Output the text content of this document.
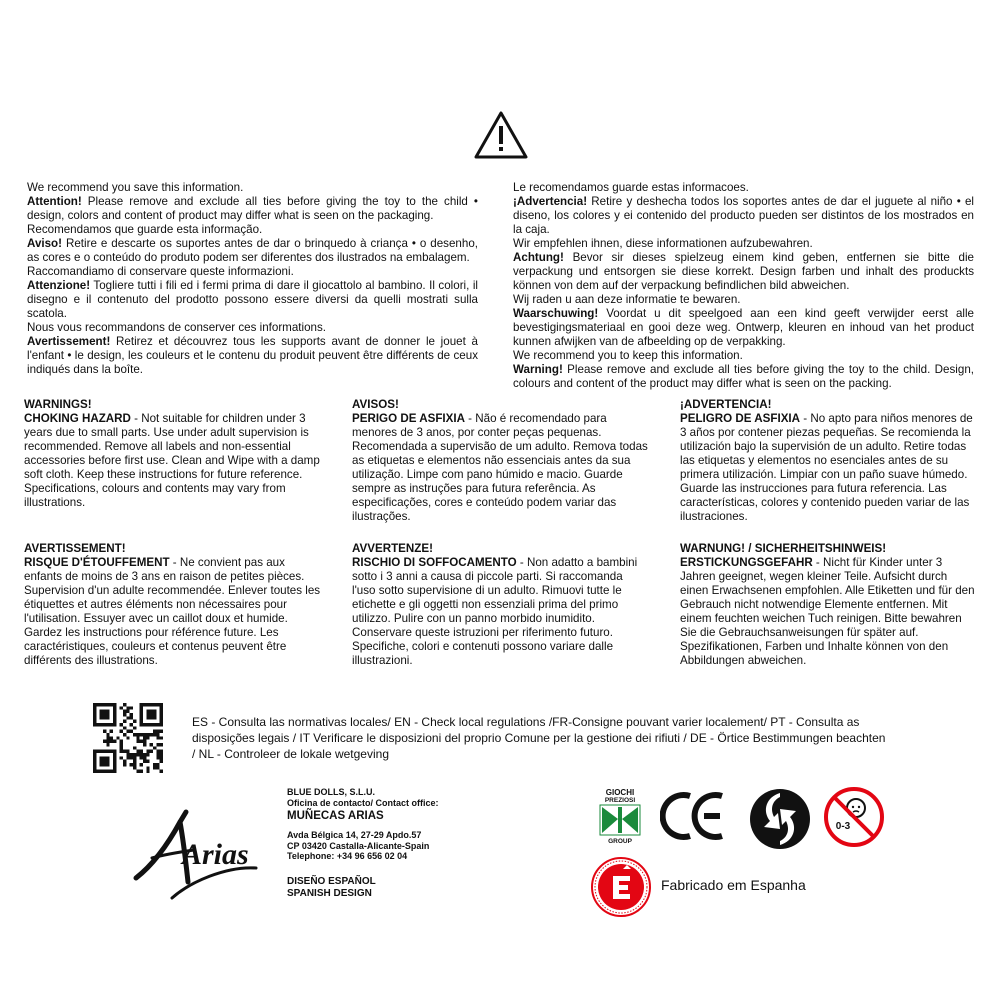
We recommend you save this information.

Attention! Please remove and exclude all ties before giving the toy to the child • design, colors and content of product may differ what is seen on the packaging.

Recomendamos que guarde esta informação.

Aviso! Retire e descarte os suportes antes de dar o brinquedo à criança • o desenho, as cores e o conteúdo do produto podem ser diferentes dos ilustrados na embalagem.

Raccomandiamo di conservare queste informazioni.

Attenzione! Togliere tutti i fili ed i fermi prima di dare il giocattolo al bambino. Il colori, il disegno e il contenuto del prodotto possono essere diversi da quelli mostrati sulla scatola.

Nous vous recommandons de conserver ces informations.

Avertissement! Retirez et découvrez tous les supports avant de donner le jouet à l'enfant • le design, les couleurs et le contenu du produit peuvent être différents de ceux indiqués dans la boîte.

Le recomendamos guarde estas informacoes.

¡Advertencia! Retire y deshecha todos los soportes antes de dar el juguete al niño • el diseno, los colores y ei contenido del producto pueden ser distintos de los mostrados en la caja.

Wir empfehlen ihnen, diese informationen aufzubewahren.

Achtung! Bevor sir dieses spielzeug einem kind geben, entfernen sie bitte die verpackung und entsorgen sie diese korrekt. Design farben und inhalt des produckts können von dem auf der verpackung befindlichen bild abweichen.

Wij raden u aan deze informatie te bewaren.

Waarschuwing! Voordat u dit speelgoed aan een kind geeft verwijder eerst alle bevestigingsmateriaal en gooi deze weg. Ontwerp, kleuren en inhoud van het product kunnen afwijken van de afbeelding op de verpakking.

We recommend you to keep this information.

Warning! Please remove and exclude all ties before giving the toy to the child. Design, colours and content of the product may differ what is seen on the packing.

WARNINGS!
CHOKING HAZARD - Not suitable for children under 3 years due to small parts. Use under adult supervision is recommended. Remove all labels and non-essential accessories before first use. Clean and Wipe with a damp soft cloth. Keep these instructions for future reference. Specifications, colours and contents may vary from illustrations.
AVISOS!
PERIGO DE ASFIXIA - Não é recomendado para menores de 3 anos, por conter peças pequenas. Recomendada a supervisão de um adulto. Remova todas as etiquetas e elementos não essenciais antes da sua utilização. Limpe com pano húmido e macio. Guarde sempre as instruções para futura referência. As especificações, cores e conteúdo podem variar das ilustrações.
¡ADVERTENCIA!
PELIGRO DE ASFIXIA - No apto para niños menores de 3 años por contener piezas pequeñas. Se recomienda la utilización bajo la supervisión de un adulto. Retire todas las etiquetas y elementos no esenciales antes de su primera utilización. Limpiar con un paño suave húmedo. Guarde las instrucciones para futura referencia. Las características, colores y contenido pueden variar de las ilustraciones.
AVERTISSEMENT!
RISQUE D'ÉTOUFFEMENT - Ne convient pas aux enfants de moins de 3 ans en raison de petites pièces. Supervision d'un adulte recommendée. Enlever toutes les étiquettes et autres éléments non nécessaires pour l'utilisation. Essuyer avec un caillot doux et humide. Gardez les instructions pour référence future. Les caractéristiques, couleurs et contenus peuvent être différents des illustrations.
AVVERTENZE!
RISCHIO DI SOFFOCAMENTO - Non adatto a bambini sotto i 3 anni a causa di piccole parti. Si raccomanda l'uso sotto supervisione di un adulto. Rimuovi tutte le etichette e gli oggetti non essenziali prima del primo utilizzo. Pulire con un panno morbido inumidito. Conservare queste istruzioni per riferimento futuro. Specifiche, colori e contenuti possono variare dalle illustrazioni.
WARNUNG! / SICHERHEITSHINWEIS!
ERSTICKUNGSGEFAHR - Nicht für Kinder unter 3 Jahren geeignet, wegen kleiner Teile. Aufsicht durch einen Erwachsenen empfohlen. Alle Etiketten und für den Gebrauch nicht notwendige Elemente entfernen. Mit einem feuchten weichen Tuch reinigen. Bitte bewahren Sie die Gebrauchsanweisungen für später auf. Spezifikationen, Farben und Inhalte können von den Abbildungen abweichen.
ES - Consulta las normativas locales/ EN - Check local regulations /FR-Consigne pouvant varier localement/ PT - Consulta as disposições legais / IT Verificare le disposizioni del proprio Comune per la gestione dei rifiuti / DE - Örtice Bestimmungen beachten / NL - Controleer de lokale wetgeving
Arias
BLUE DOLLS, S.L.U.
Oficina de contacto/ Contact office:
MUÑECAS ARIAS
Avda Bélgica 14, 27-29 Apdo.57
CP 03420 Castalla-Alicante-Spain
Telephone: +34 96 656 02 04
DISEÑO ESPAÑOL
SPANISH DESIGN
GIOCHI
PREZIOSI
GROUP
0-3
Fabricado em Espanha
